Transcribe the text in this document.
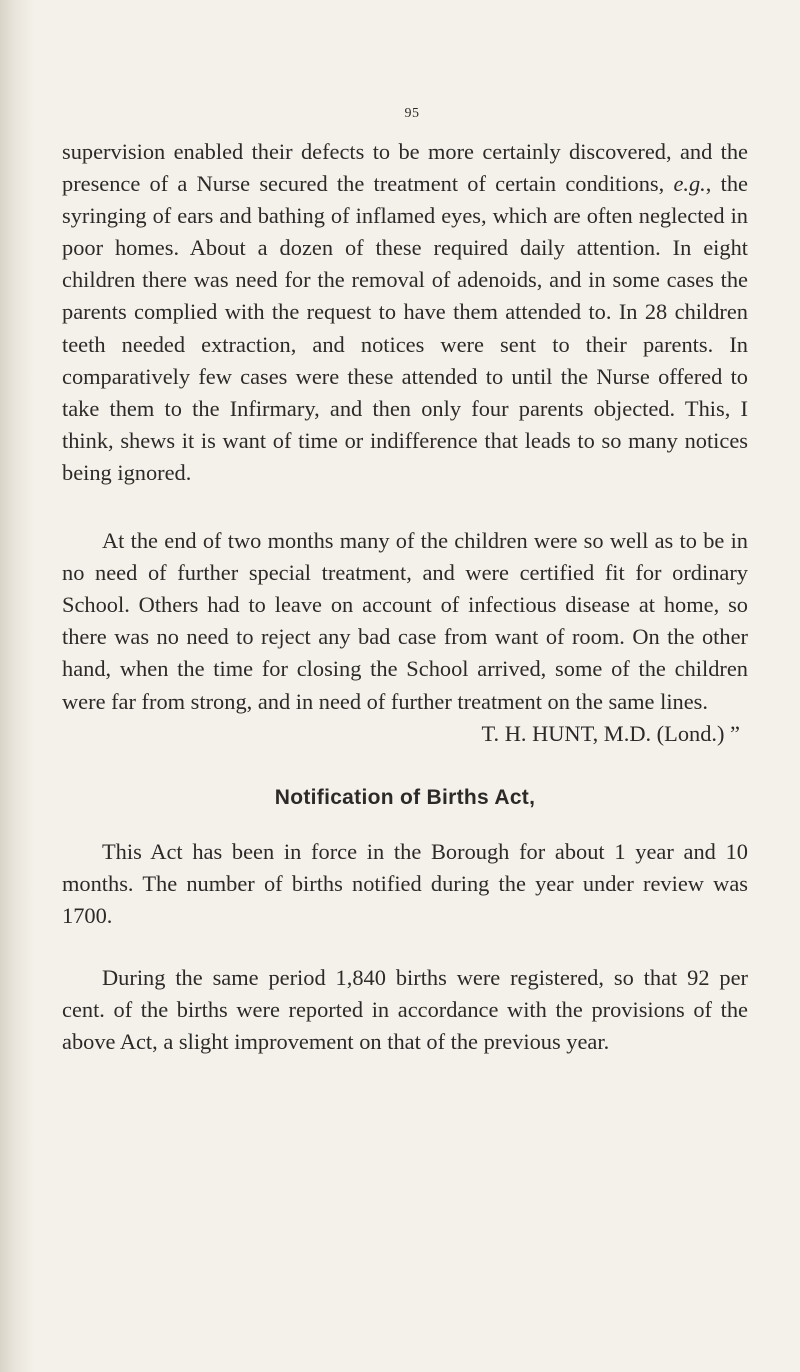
95

supervision enabled their defects to be more certainly discovered, and the presence of a Nurse secured the treatment of certain conditions, e.g., the syringing of ears and bathing of inflamed eyes, which are often neglected in poor homes. About a dozen of these required daily attention. In eight children there was need for the removal of adenoids, and in some cases the parents complied with the request to have them attended to. In 28 children teeth needed extraction, and notices were sent to their parents. In comparatively few cases were these attended to until the Nurse offered to take them to the Infirmary, and then only four parents objected. This, I think, shews it is want of time or indifference that leads to so many notices being ignored.

At the end of two months many of the children were so well as to be in no need of further special treatment, and were certified fit for ordinary School. Others had to leave on account of infectious disease at home, so there was no need to reject any bad case from want of room. On the other hand, when the time for closing the School arrived, some of the children were far from strong, and in need of further treatment on the same lines.

T. H. HUNT, M.D. (Lond.) ”

Notification of Births Act,

This Act has been in force in the Borough for about 1 year and 10 months. The number of births notified during the year under review was 1700.

During the same period 1,840 births were registered, so that 92 per cent. of the births were reported in accordance with the provisions of the above Act, a slight improvement on that of the previous year.
